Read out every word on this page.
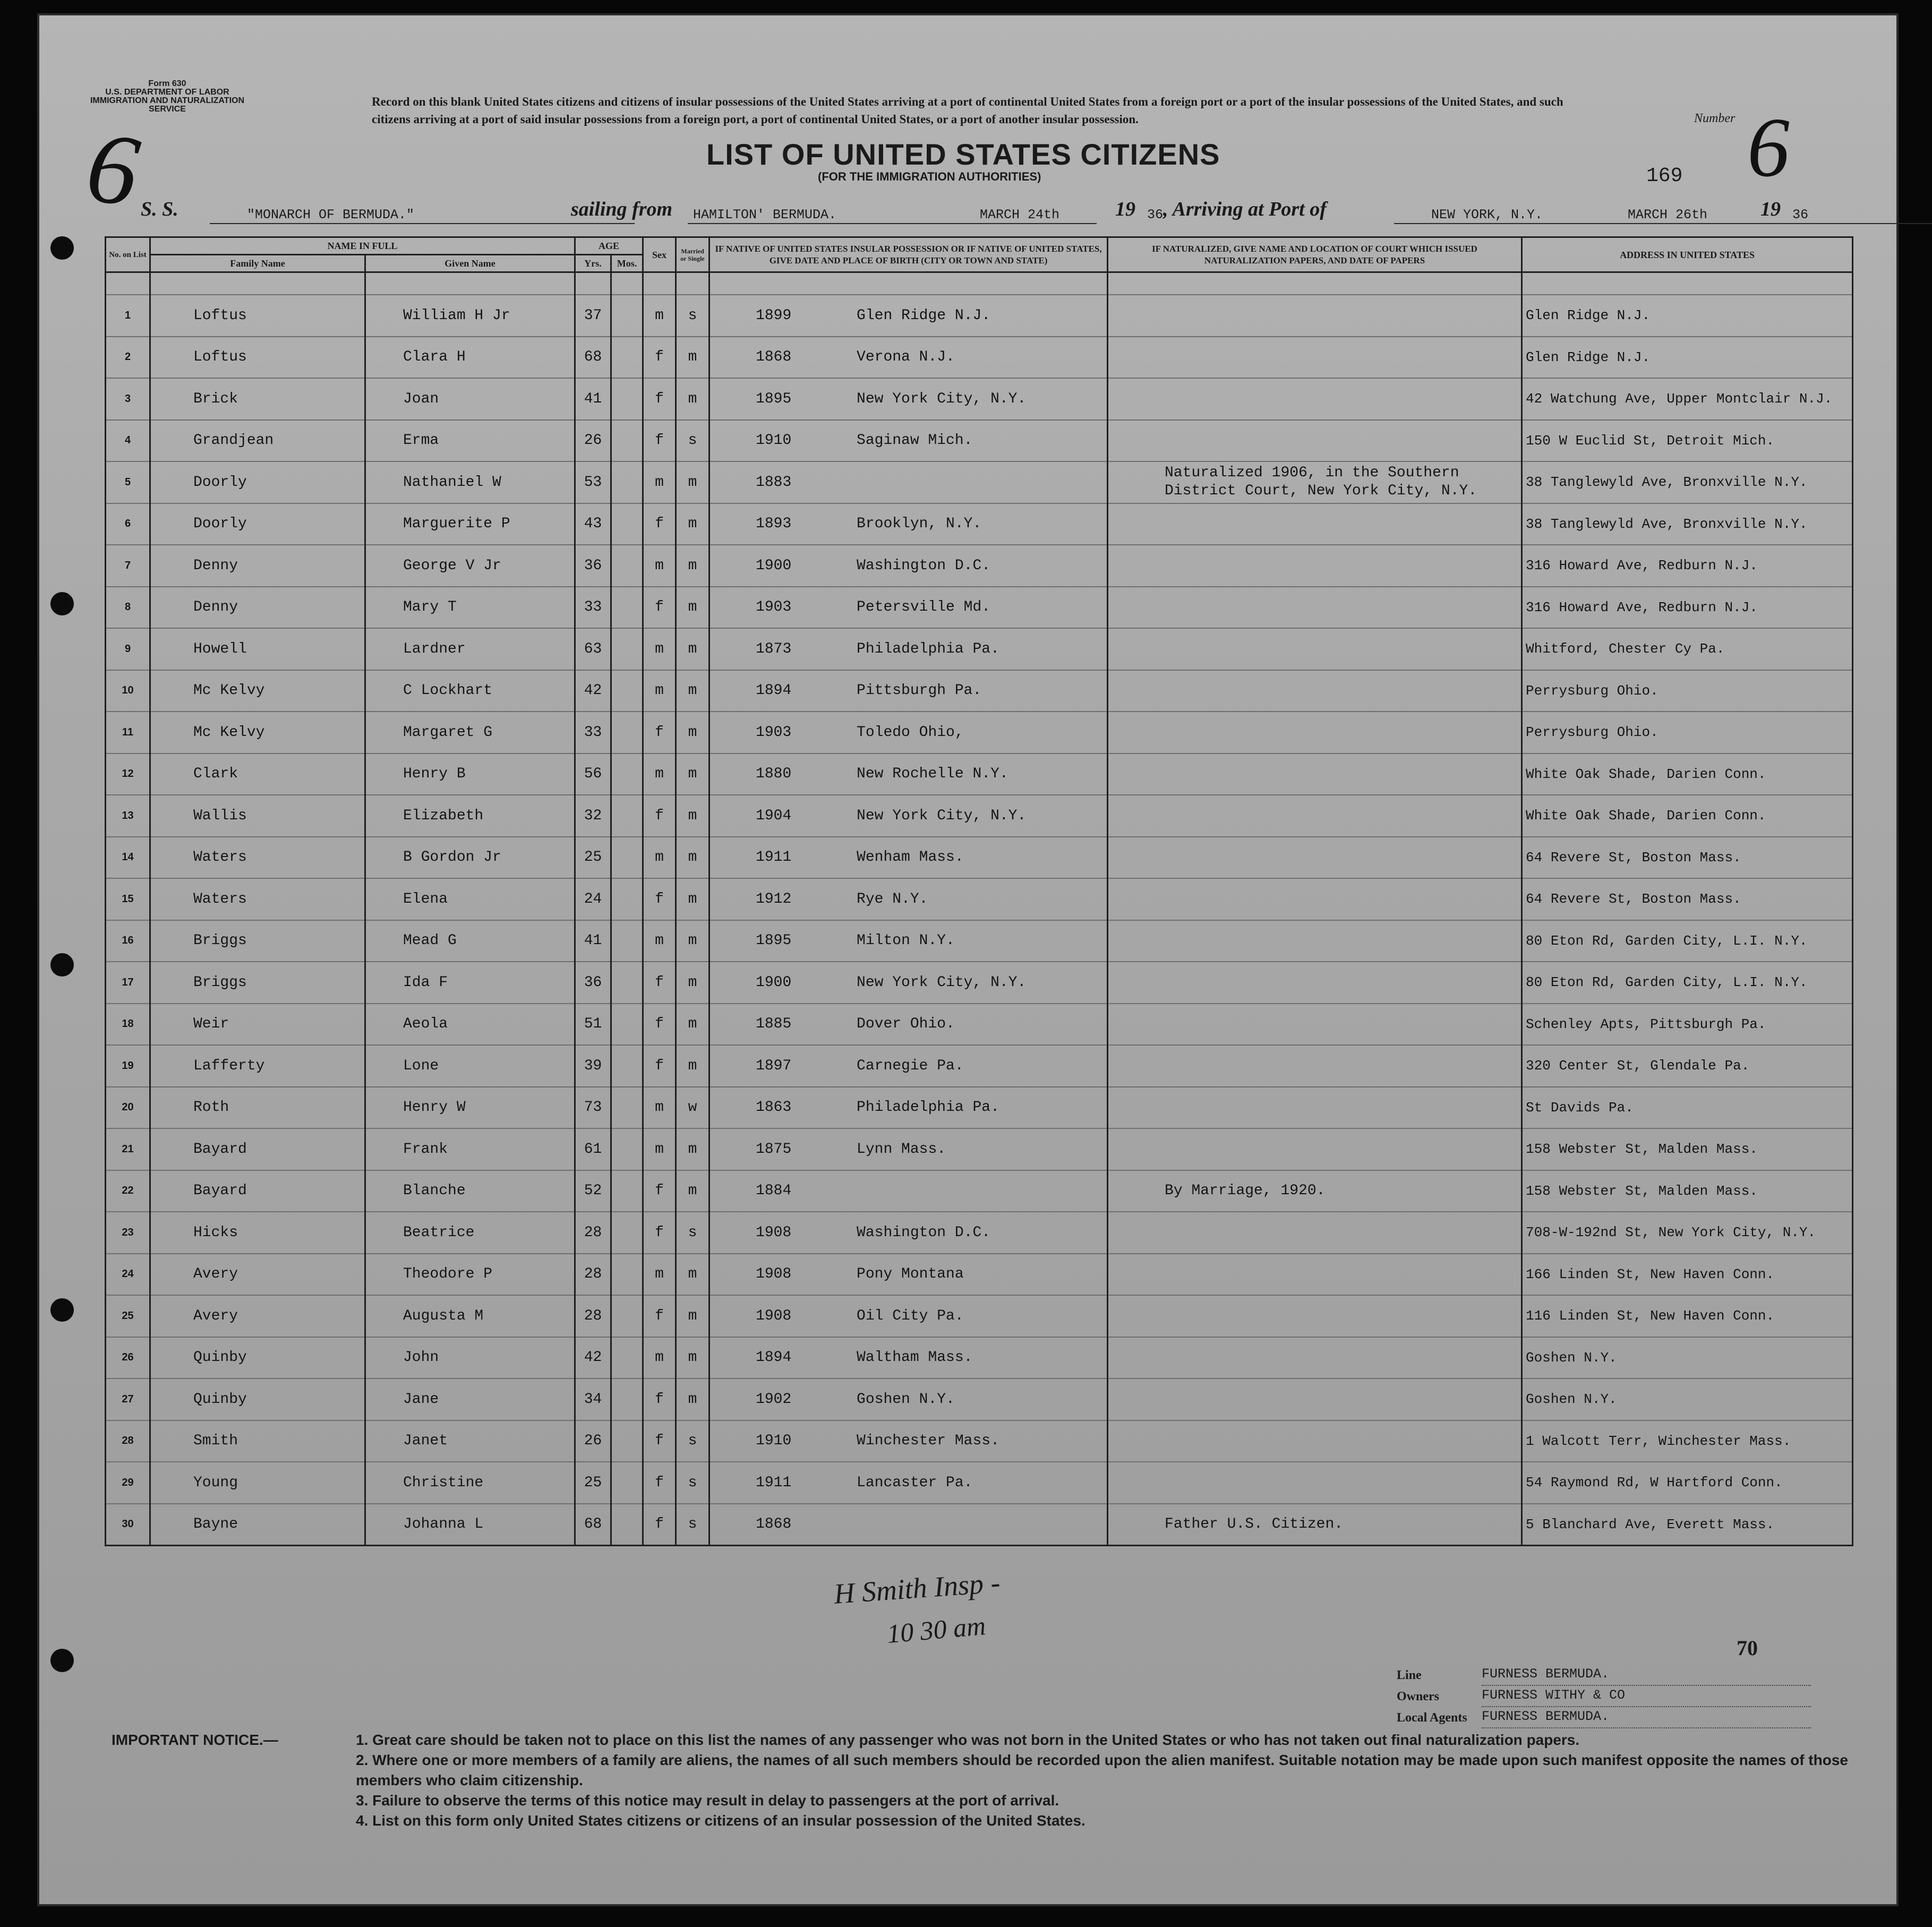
Form 630
U.S. DEPARTMENT OF LABOR
IMMIGRATION AND NATURALIZATION SERVICE
6
Record on this blank United States citizens and citizens of insular possessions of the United States arriving at a port of continental United States from a foreign port or a port of the insular possessions of the United States, and such citizens arriving at a port of said insular possessions from a foreign port, a port of continental United States, or a port of another insular possession.	Number 6
169
LIST OF UNITED STATES CITIZENS
(FOR THE IMMIGRATION AUTHORITIES)
S. S.	"MONARCH OF BERMUDA."	sailing from HAMILTON' BERMUDA.	MARCH 24th	19 36 , Arriving at Port of	NEW YORK, N.Y.	MARCH 26th	19 36
No. on List	NAME IN FULL		AGE		Sex	Married or Single	IF NATIVE OF UNITED STATES INSULAR POSSESSION OR IF NATIVE OF UNITED STATES, GIVE DATE AND PLACE OF BIRTH (CITY OR TOWN AND STATE)	IF NATURALIZED, GIVE NAME AND LOCATION OF COURT WHICH ISSUED NATURALIZATION PAPERS, AND DATE OF PAPERS	ADDRESS IN UNITED STATES
	Family Name	Given Name	Yrs.	Mos.					

1	Loftus	William H Jr	37		m	s	1899 Glen Ridge N.J.		Glen Ridge N.J.
2	Loftus	Clara H	68		f	m	1868 Verona N.J.		Glen Ridge N.J.
3	Brick	Joan	41		f	m	1895 New York City, N.Y.		42 Watchung Ave, Upper Montclair N.J.
4	Grandjean	Erma	26		f	s	1910 Saginaw Mich.		150 W Euclid St, Detroit Mich.
5	Doorly	Nathaniel W	53		m	m	1883	Naturalized 1906, in the Southern District Court, New York City, N.Y.	38 Tanglewyld Ave, Bronxville N.Y.
6	Doorly	Marguerite P	43		f	m	1893 Brooklyn, N.Y.		38 Tanglewyld Ave, Bronxville N.Y.
7	Denny	George V Jr	36		m	m	1900 Washington D.C.		316 Howard Ave, Redburn N.J.
8	Denny	Mary T	33		f	m	1903 Petersville Md.		316 Howard Ave, Redburn N.J.
9	Howell	Lardner	63		m	m	1873 Philadelphia Pa.		Whitford, Chester Cy Pa.
10	Mc Kelvy	C Lockhart	42		m	m	1894 Pittsburgh Pa.		Perrysburg Ohio.
11	Mc Kelvy	Margaret G	33		f	m	1903 Toledo Ohio,		Perrysburg Ohio.
12	Clark	Henry B	56		m	m	1880 New Rochelle N.Y.		White Oak Shade, Darien Conn.
13	Wallis	Elizabeth	32		f	m	1904 New York City, N.Y.		White Oak Shade, Darien Conn.
14	Waters	B Gordon Jr	25		m	m	1911 Wenham Mass.		64 Revere St, Boston Mass.
15	Waters	Elena	24		f	m	1912 Rye N.Y.		64 Revere St, Boston Mass.
16	Briggs	Mead G	41		m	m	1895 Milton N.Y.		80 Eton Rd, Garden City, L.I. N.Y.
17	Briggs	Ida F	36		f	m	1900 New York City, N.Y.		80 Eton Rd, Garden City, L.I. N.Y.
18	Weir	Aeola	51		f	m	1885 Dover Ohio.		Schenley Apts, Pittsburgh Pa.
19	Lafferty	Lone	39		f	m	1897 Carnegie Pa.		320 Center St, Glendale Pa.
20	Roth	Henry W	73		m	w	1863 Philadelphia Pa.		St Davids Pa.
21	Bayard	Frank	61		m	m	1875 Lynn Mass.		158 Webster St, Malden Mass.
22	Bayard	Blanche	52		f	m	1884	By Marriage, 1920.	158 Webster St, Malden Mass.
23	Hicks	Beatrice	28		f	s	1908 Washington D.C.		708-W-192nd St, New York City, N.Y.
24	Avery	Theodore P	28		m	m	1908 Pony Montana		166 Linden St, New Haven Conn.
25	Avery	Augusta M	28		f	m	1908 Oil City Pa.		116 Linden St, New Haven Conn.
26	Quinby	John	42		m	m	1894 Waltham Mass.		Goshen N.Y.
27	Quinby	Jane	34		f	m	1902 Goshen N.Y.		Goshen N.Y.
28	Smith	Janet	26		f	s	1910 Winchester Mass.		1 Walcott Terr, Winchester Mass.
29	Young	Christine	25		f	s	1911 Lancaster Pa.		54 Raymond Rd, W Hartford Conn.
30	Bayne	Johanna L	68		f	s	1868	Father U.S. Citizen.	5 Blanchard Ave, Everett Mass.
H Smith Insp -
10 30 am	70
Line	FURNESS BERMUDA.
Owners	FURNESS WITHY & CO
Local Agents FURNESS BERMUDA.
IMPORTANT NOTICE.—	1. Great care should be taken not to place on this list the names of any passenger who was not born in the United States or who has not taken out final naturalization papers.
2. Where one or more members of a family are aliens, the names of all such members should be recorded upon the alien manifest. Suitable notation may be made upon such manifest opposite the names of those members who claim citizenship.
3. Failure to observe the terms of this notice may result in delay to passengers at the port of arrival.
4. List on this form only United States citizens or citizens of an insular possession of the United States.
